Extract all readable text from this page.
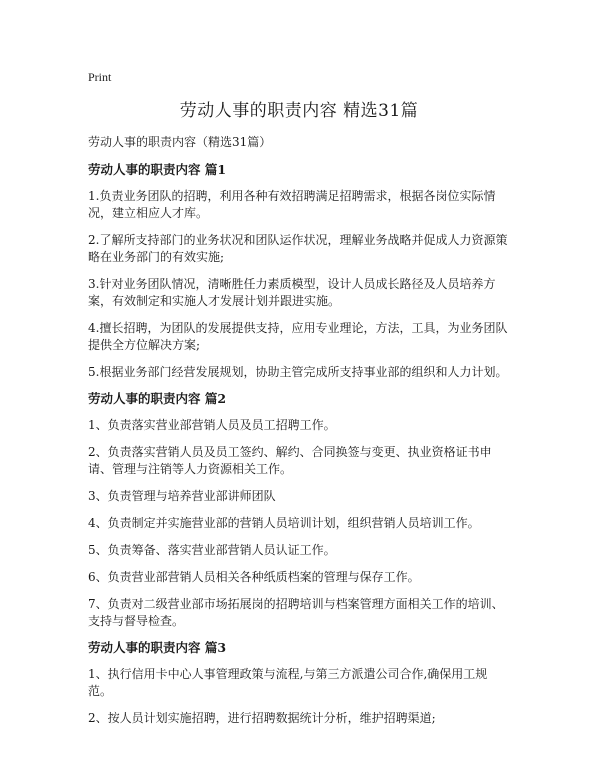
Print
劳动人事的职责内容 精选31篇
劳动人事的职责内容（精选31篇）
劳动人事的职责内容 篇1

1.负责业务团队的招聘，利用各种有效招聘满足招聘需求，根据各岗位实际情况，建立相应人才库。

2.了解所支持部门的业务状况和团队运作状况，理解业务战略并促成人力资源策略在业务部门的有效实施;

3.针对业务团队情况，清晰胜任力素质模型，设计人员成长路径及人员培养方案，有效制定和实施人才发展计划并跟进实施。

4.擅长招聘，为团队的发展提供支持，应用专业理论，方法，工具，为业务团队提供全方位解决方案;

5.根据业务部门经营发展规划，协助主管完成所支持事业部的组织和人力计划。

劳动人事的职责内容 篇2

1、负责落实营业部营销人员及员工招聘工作。

2、负责落实营销人员及员工签约、解约、合同换签与变更、执业资格证书申请、管理与注销等人力资源相关工作。

3、负责管理与培养营业部讲师团队

4、负责制定并实施营业部的营销人员培训计划，组织营销人员培训工作。

5、负责筹备、落实营业部营销人员认证工作。

6、负责营业部营销人员相关各种纸质档案的管理与保存工作。

7、负责对二级营业部市场拓展岗的招聘培训与档案管理方面相关工作的培训、支持与督导检查。

劳动人事的职责内容 篇3

1、执行信用卡中心人事管理政策与流程,与第三方派遣公司合作,确保用工规范。

2、按人员计划实施招聘，进行招聘数据统计分析，维护招聘渠道;
